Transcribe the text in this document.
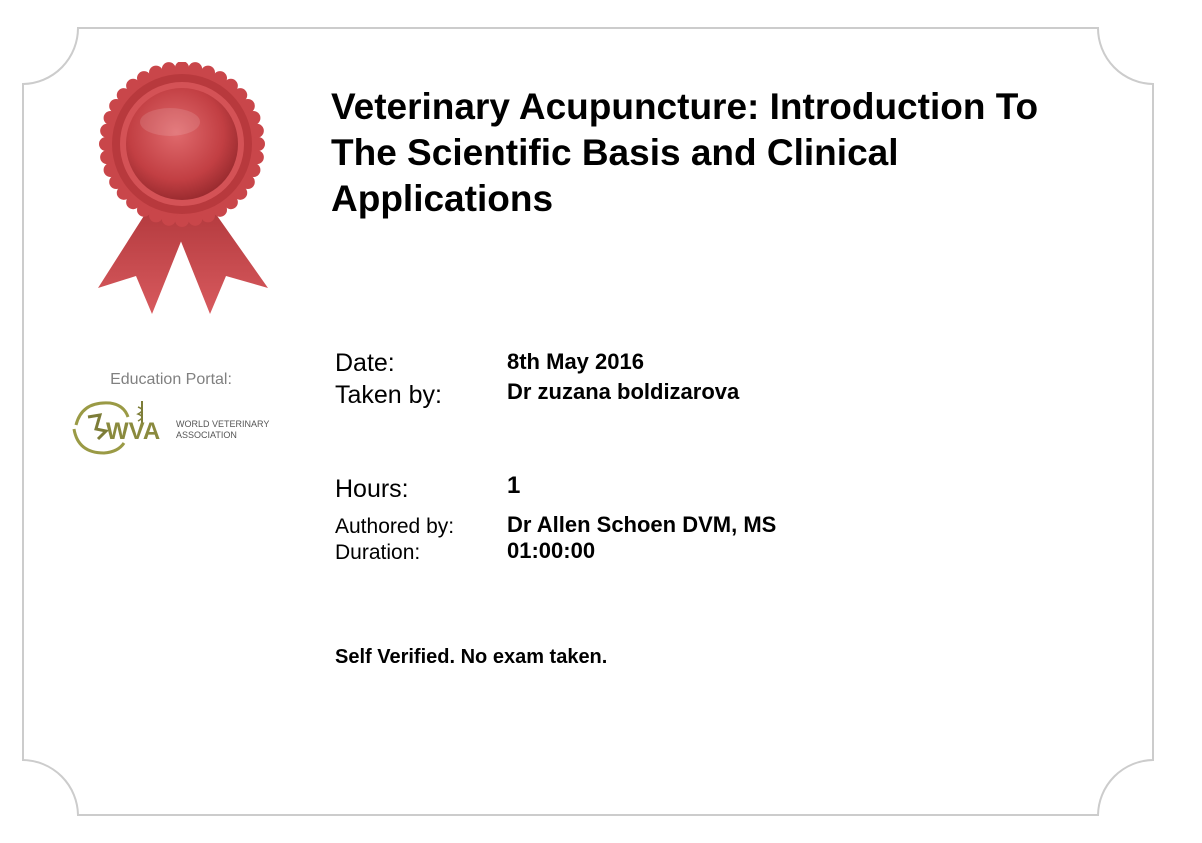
Education Portal:
WVA WORLD VETERINARY
ASSOCIATION
Veterinary Acupuncture: Introduction To The Scientific Basis and Clinical Applications
Date:	8th May 2016
Taken by:	Dr zuzana boldizarova
Hours:	1
Authored by: Dr Allen Schoen DVM, MS
Duration:	01:00:00
Self Verified. No exam taken.
